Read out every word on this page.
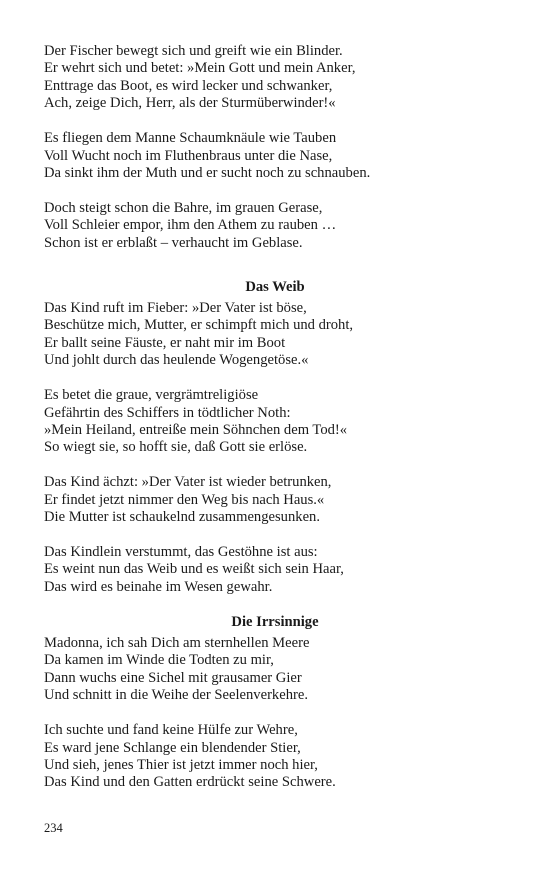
Der Fischer bewegt sich und greift wie ein Blinder.
Er wehrt sich und betet: »Mein Gott und mein Anker,
Enttrage das Boot, es wird lecker und schwanker,
Ach, zeige Dich, Herr, als der Sturmüberwinder!«
Es fliegen dem Manne Schaumknäule wie Tauben
Voll Wucht noch im Fluthenbraus unter die Nase,
Da sinkt ihm der Muth und er sucht noch zu schnauben.
Doch steigt schon die Bahre, im grauen Gerase,
Voll Schleier empor, ihm den Athem zu rauben …
Schon ist er erblaßt – verhaucht im Geblase.
Das Weib
Das Kind ruft im Fieber: »Der Vater ist böse,
Beschütze mich, Mutter, er schimpft mich und droht,
Er ballt seine Fäuste, er naht mir im Boot
Und johlt durch das heulende Wogengetöse.«
Es betet die graue, vergrämtreligiöse
Gefährtin des Schiffers in tödtlicher Noth:
»Mein Heiland, entreiße mein Söhnchen dem Tod!«
So wiegt sie, so hofft sie, daß Gott sie erlöse.
Das Kind ächzt: »Der Vater ist wieder betrunken,
Er findet jetzt nimmer den Weg bis nach Haus.«
Die Mutter ist schaukelnd zusammengesunken.
Das Kindlein verstummt, das Gestöhne ist aus:
Es weint nun das Weib und es weißt sich sein Haar,
Das wird es beinahe im Wesen gewahr.
Die Irrsinnige
Madonna, ich sah Dich am sternhellen Meere
Da kamen im Winde die Todten zu mir,
Dann wuchs eine Sichel mit grausamer Gier
Und schnitt in die Weihe der Seelenverkehre.
Ich suchte und fand keine Hülfe zur Wehre,
Es ward jene Schlange ein blendender Stier,
Und sieh, jenes Thier ist jetzt immer noch hier,
Das Kind und den Gatten erdrückt seine Schwere.
234
